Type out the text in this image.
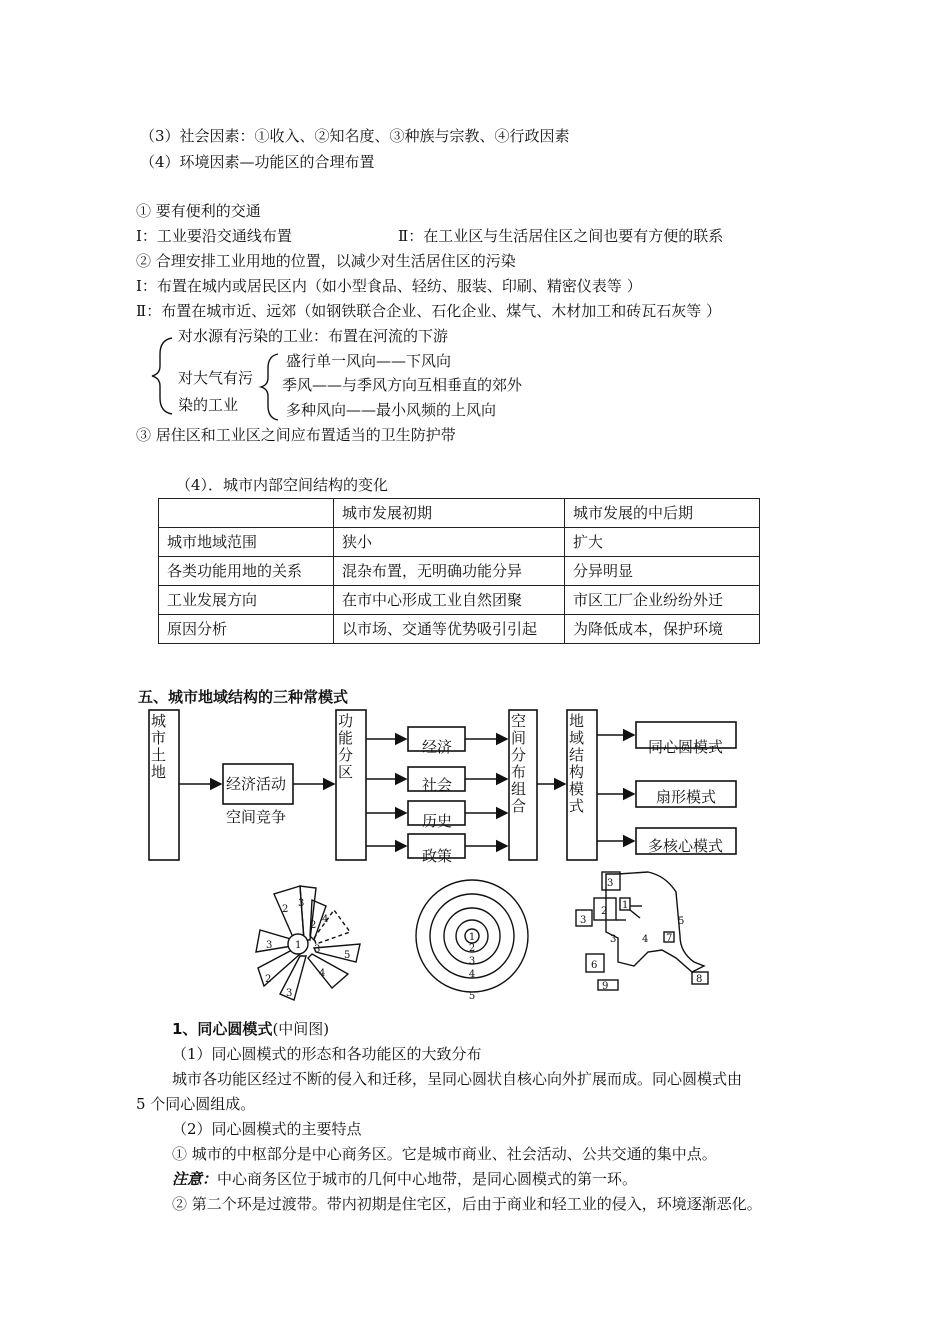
（3）社会因素：①收入、②知名度、③种族与宗教、④行政因素
（4）环境因素—功能区的合理布置
① 要有便利的交通
Ⅰ：工业要沿交通线布置	Ⅱ：在工业区与生活居住区之间也要有方便的联系
② 合理安排工业用地的位置，以减少对生活居住区的污染
Ⅰ：布置在城内或居民区内（如小型食品、轻纺、服装、印刷、精密仪表等 ）
Ⅱ：布置在城市近、远郊（如钢铁联合企业、石化企业、煤气、木材加工和砖瓦石灰等 ）
对水源有污染的工业：布置在河流的下游
对大气有污
染的工业
盛行单一风向——下风向
季风——与季风方向互相垂直的郊外
多种风向——最小风频的上风向
③ 居住区和工业区之间应布置适当的卫生防护带
（4）．城市内部空间结构的变化
	城市发展初期	城市发展的中后期
城市地域范围	狭小	扩大
各类功能用地的关系	混杂布置，无明确功能分异	分异明显
工业发展方向	在市中心形成工业自然团聚	市区工厂企业纷纷外迁
原因分析	以市场、交通等优势吸引引起	为降低成本，保护环境
五、城市地域结构的三种常模式
城
市
土
地
经济活动
空间竞争
功
能
分
区
经济
社会
历史
政策
空
间
分
布
组
合
地
域
结
构
模
式
同心圆模式
扇形模式
多核心模式
2
3
4
2
3
3
4
5
1
2
3
1
2
3
4
5
3
2
1
3
3	4
5
7
6
8
9
1、同心圆模式(中间图)
（1）同心圆模式的形态和各功能区的大致分布
城市各功能区经过不断的侵入和迁移，呈同心圆状自核心向外扩展而成。同心圆模式由
5 个同心圆组成。
（2）同心圆模式的主要特点
① 城市的中枢部分是中心商务区。它是城市商业、社会活动、公共交通的集中点。
注意：中心商务区位于城市的几何中心地带，是同心圆模式的第一环。
② 第二个环是过渡带。带内初期是住宅区，后由于商业和轻工业的侵入，环境逐渐恶化。
